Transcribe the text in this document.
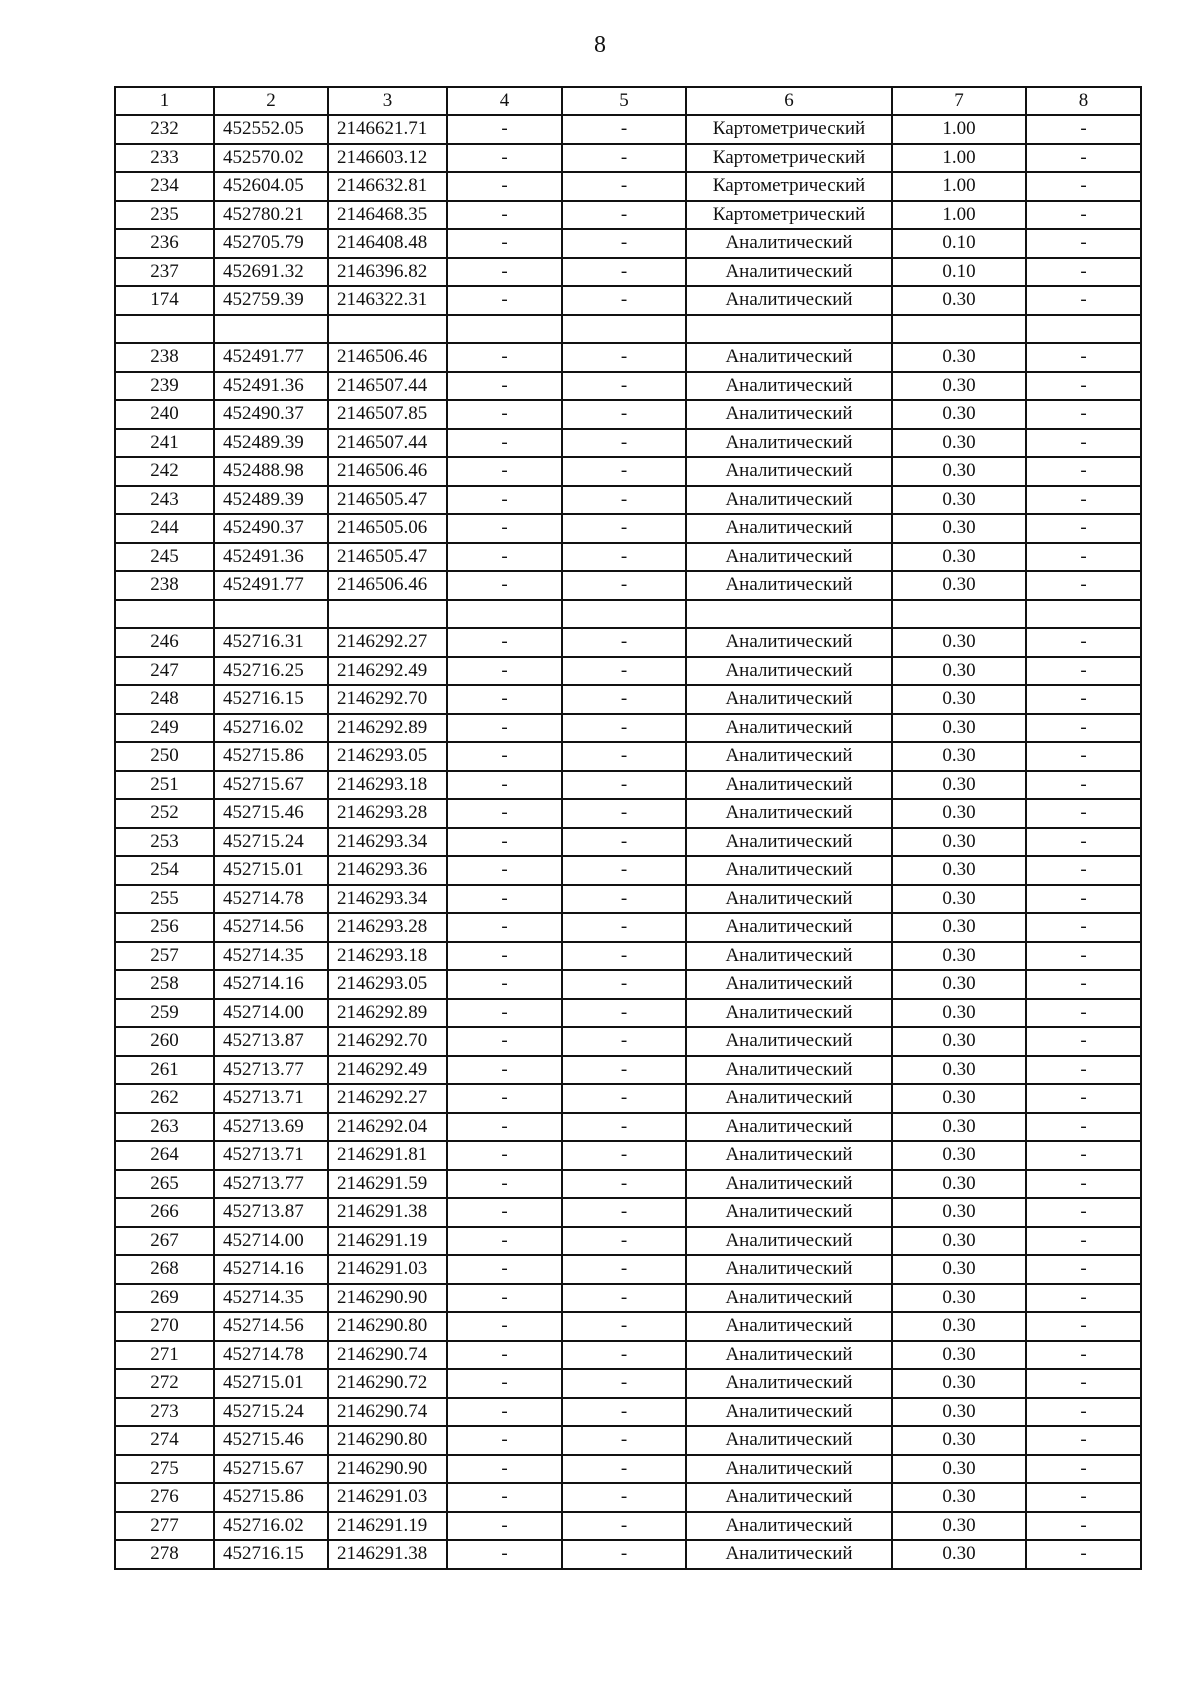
8
1	2	3	4	5	6	7	8
232	452552.05	2146621.71	-	-	Картометрический	1.00	-
233	452570.02	2146603.12	-	-	Картометрический	1.00	-
234	452604.05	2146632.81	-	-	Картометрический	1.00	-
235	452780.21	2146468.35	-	-	Картометрический	1.00	-
236	452705.79	2146408.48	-	-	Аналитический	0.10	-
237	452691.32	2146396.82	-	-	Аналитический	0.10	-
174	452759.39	2146322.31	-	-	Аналитический	0.30	-

238	452491.77	2146506.46	-	-	Аналитический	0.30	-
239	452491.36	2146507.44	-	-	Аналитический	0.30	-
240	452490.37	2146507.85	-	-	Аналитический	0.30	-
241	452489.39	2146507.44	-	-	Аналитический	0.30	-
242	452488.98	2146506.46	-	-	Аналитический	0.30	-
243	452489.39	2146505.47	-	-	Аналитический	0.30	-
244	452490.37	2146505.06	-	-	Аналитический	0.30	-
245	452491.36	2146505.47	-	-	Аналитический	0.30	-
238	452491.77	2146506.46	-	-	Аналитический	0.30	-

246	452716.31	2146292.27	-	-	Аналитический	0.30	-
247	452716.25	2146292.49	-	-	Аналитический	0.30	-
248	452716.15	2146292.70	-	-	Аналитический	0.30	-
249	452716.02	2146292.89	-	-	Аналитический	0.30	-
250	452715.86	2146293.05	-	-	Аналитический	0.30	-
251	452715.67	2146293.18	-	-	Аналитический	0.30	-
252	452715.46	2146293.28	-	-	Аналитический	0.30	-
253	452715.24	2146293.34	-	-	Аналитический	0.30	-
254	452715.01	2146293.36	-	-	Аналитический	0.30	-
255	452714.78	2146293.34	-	-	Аналитический	0.30	-
256	452714.56	2146293.28	-	-	Аналитический	0.30	-
257	452714.35	2146293.18	-	-	Аналитический	0.30	-
258	452714.16	2146293.05	-	-	Аналитический	0.30	-
259	452714.00	2146292.89	-	-	Аналитический	0.30	-
260	452713.87	2146292.70	-	-	Аналитический	0.30	-
261	452713.77	2146292.49	-	-	Аналитический	0.30	-
262	452713.71	2146292.27	-	-	Аналитический	0.30	-
263	452713.69	2146292.04	-	-	Аналитический	0.30	-
264	452713.71	2146291.81	-	-	Аналитический	0.30	-
265	452713.77	2146291.59	-	-	Аналитический	0.30	-
266	452713.87	2146291.38	-	-	Аналитический	0.30	-
267	452714.00	2146291.19	-	-	Аналитический	0.30	-
268	452714.16	2146291.03	-	-	Аналитический	0.30	-
269	452714.35	2146290.90	-	-	Аналитический	0.30	-
270	452714.56	2146290.80	-	-	Аналитический	0.30	-
271	452714.78	2146290.74	-	-	Аналитический	0.30	-
272	452715.01	2146290.72	-	-	Аналитический	0.30	-
273	452715.24	2146290.74	-	-	Аналитический	0.30	-
274	452715.46	2146290.80	-	-	Аналитический	0.30	-
275	452715.67	2146290.90	-	-	Аналитический	0.30	-
276	452715.86	2146291.03	-	-	Аналитический	0.30	-
277	452716.02	2146291.19	-	-	Аналитический	0.30	-
278	452716.15	2146291.38	-	-	Аналитический	0.30	-
